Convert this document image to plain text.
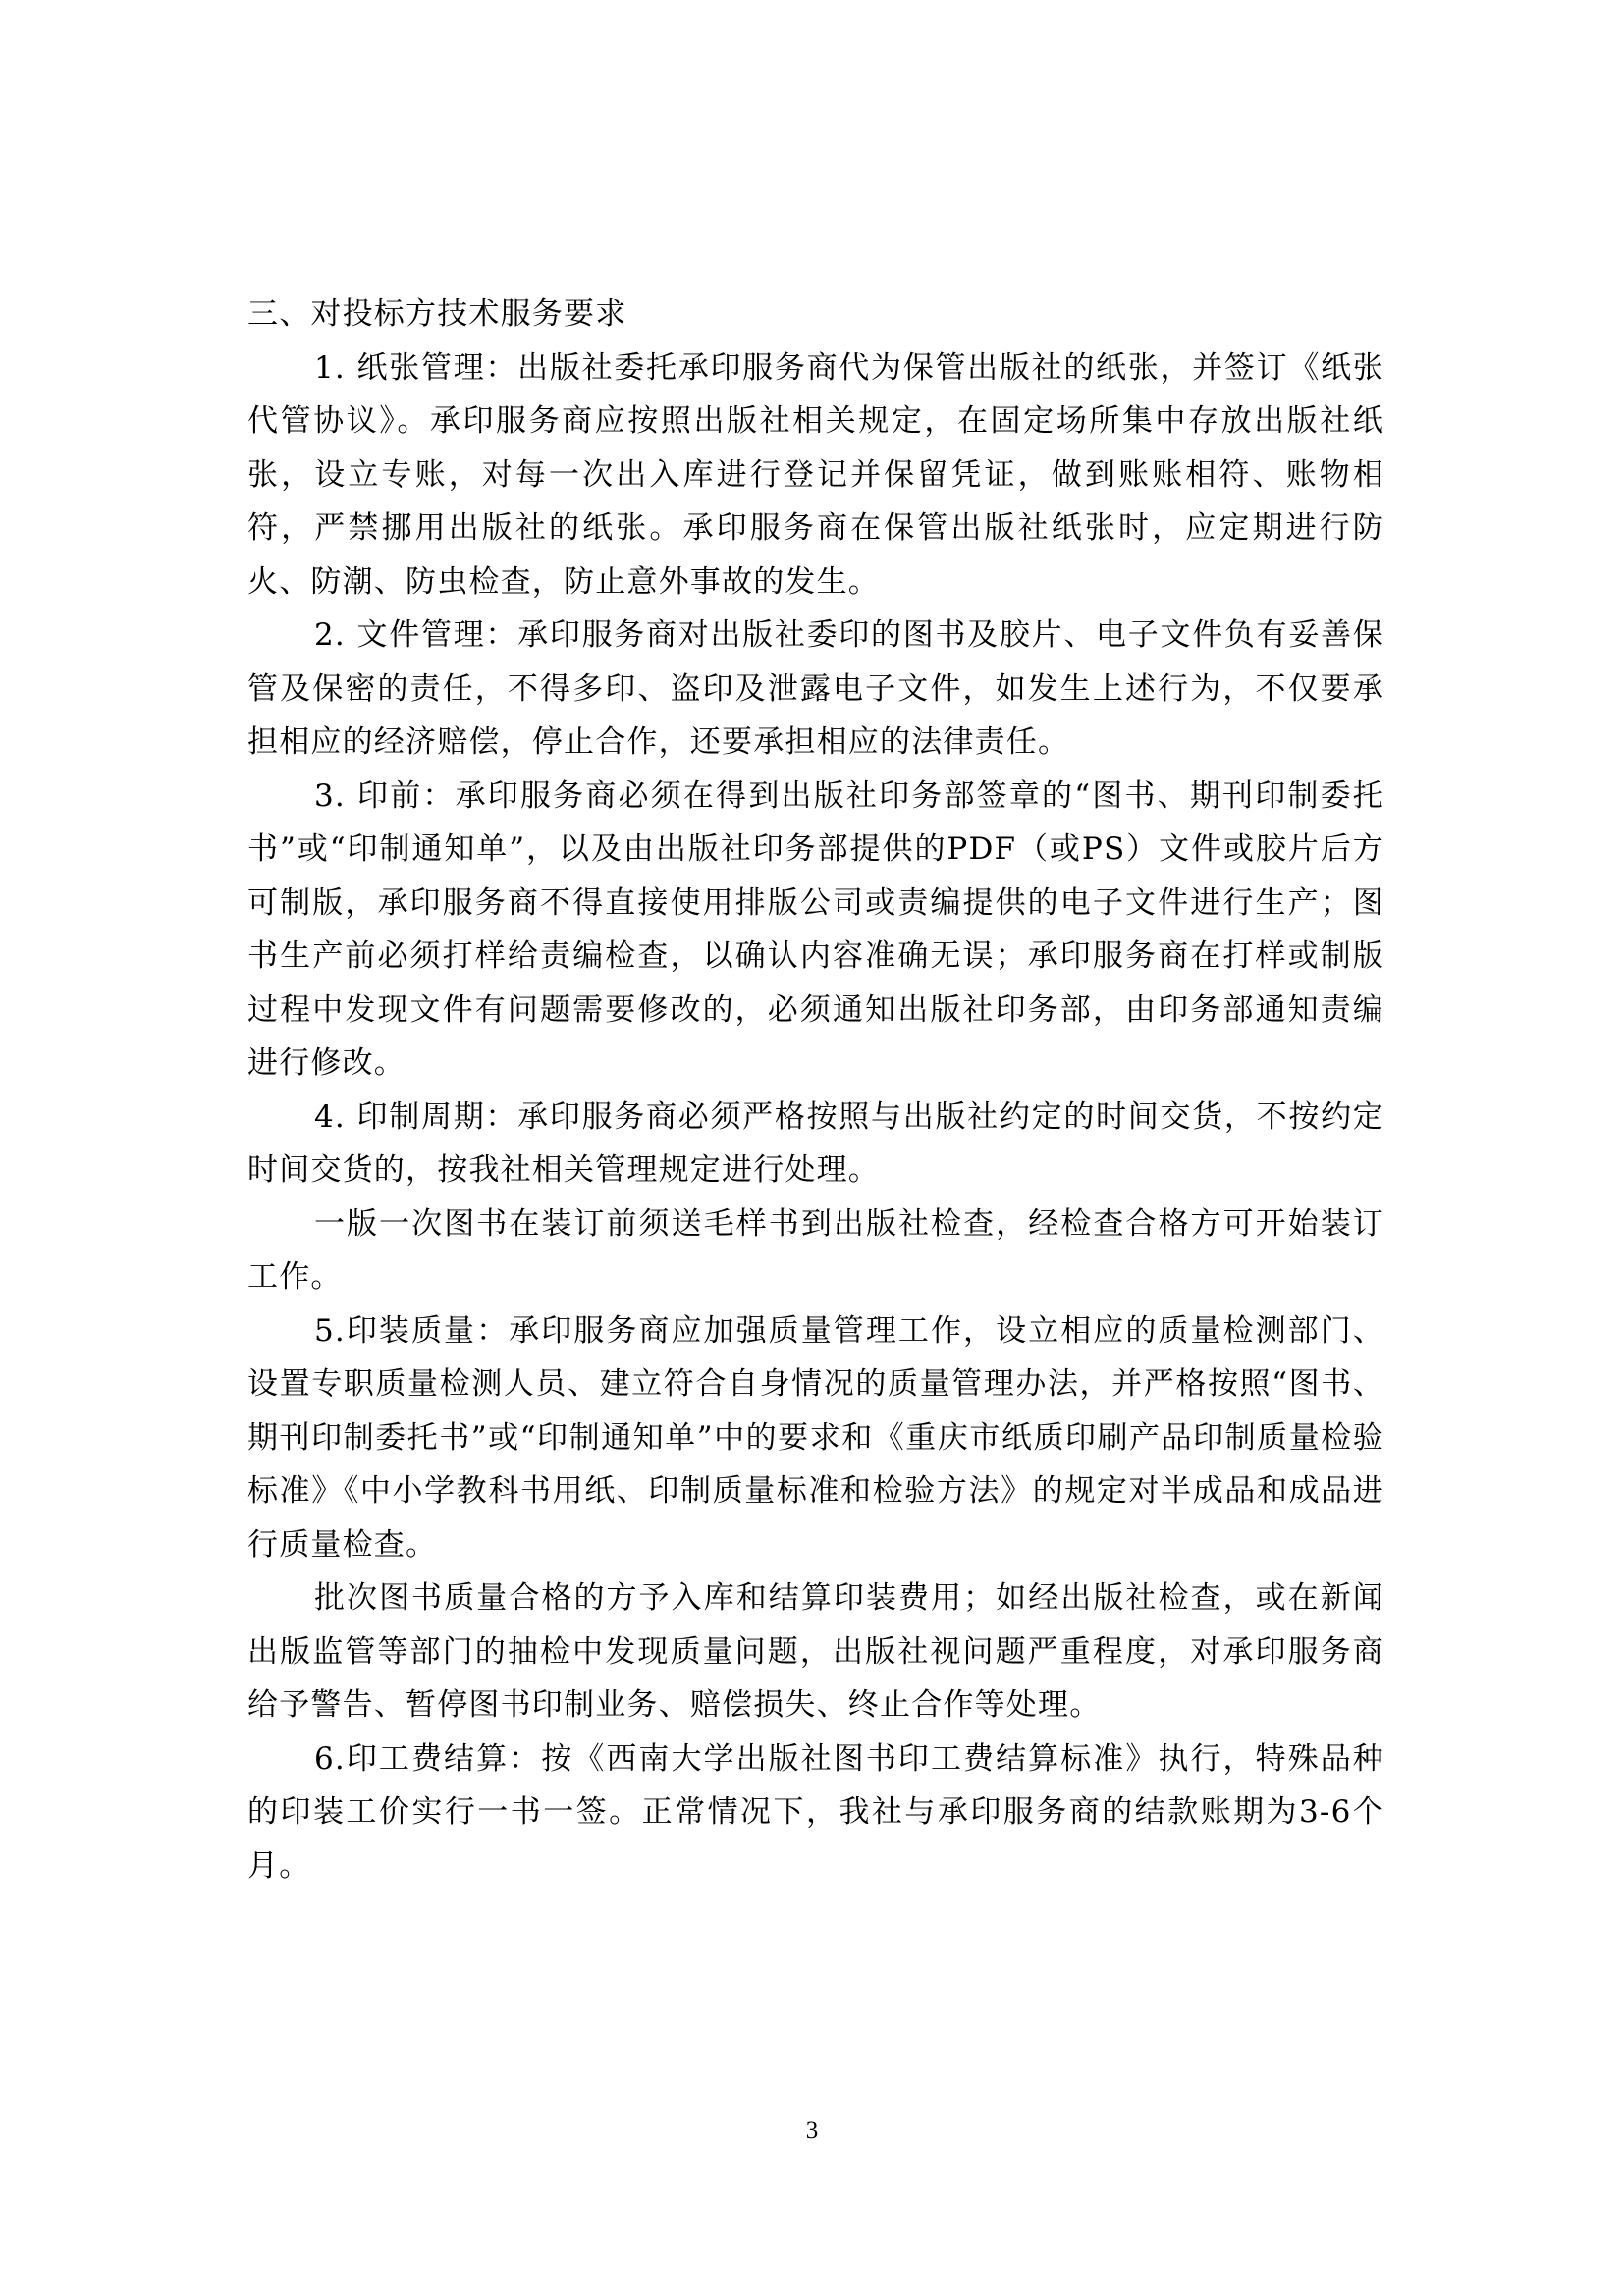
三、对投标方技术服务要求

1. 纸张管理：出版社委托承印服务商代为保管出版社的纸张，并签订《纸张代管协议》。承印服务商应按照出版社相关规定，在固定场所集中存放出版社纸张，设立专账，对每一次出入库进行登记并保留凭证，做到账账相符、账物相符，严禁挪用出版社的纸张。承印服务商在保管出版社纸张时，应定期进行防火、防潮、防虫检查，防止意外事故的发生。

2. 文件管理：承印服务商对出版社委印的图书及胶片、电子文件负有妥善保管及保密的责任，不得多印、盗印及泄露电子文件，如发生上述行为，不仅要承担相应的经济赔偿，停止合作，还要承担相应的法律责任。

3. 印前：承印服务商必须在得到出版社印务部签章的“图书、期刊印制委托书”或“印制通知单”，以及由出版社印务部提供的PDF（或PS）文件或胶片后方可制版，承印服务商不得直接使用排版公司或责编提供的电子文件进行生产；图书生产前必须打样给责编检查，以确认内容准确无误；承印服务商在打样或制版过程中发现文件有问题需要修改的，必须通知出版社印务部，由印务部通知责编进行修改。

4. 印制周期：承印服务商必须严格按照与出版社约定的时间交货，不按约定时间交货的，按我社相关管理规定进行处理。

一版一次图书在装订前须送毛样书到出版社检查，经检查合格方可开始装订工作。

5.印装质量：承印服务商应加强质量管理工作，设立相应的质量检测部门、设置专职质量检测人员、建立符合自身情况的质量管理办法，并严格按照“图书、期刊印制委托书”或“印制通知单”中的要求和《重庆市纸质印刷产品印制质量检验标准》《中小学教科书用纸、印制质量标准和检验方法》的规定对半成品和成品进行质量检查。

批次图书质量合格的方予入库和结算印装费用；如经出版社检查，或在新闻出版监管等部门的抽检中发现质量问题，出版社视问题严重程度，对承印服务商给予警告、暂停图书印制业务、赔偿损失、终止合作等处理。

6.印工费结算：按《西南大学出版社图书印工费结算标准》执行，特殊品种的印装工价实行一书一签。正常情况下，我社与承印服务商的结款账期为3-6个月。

3
